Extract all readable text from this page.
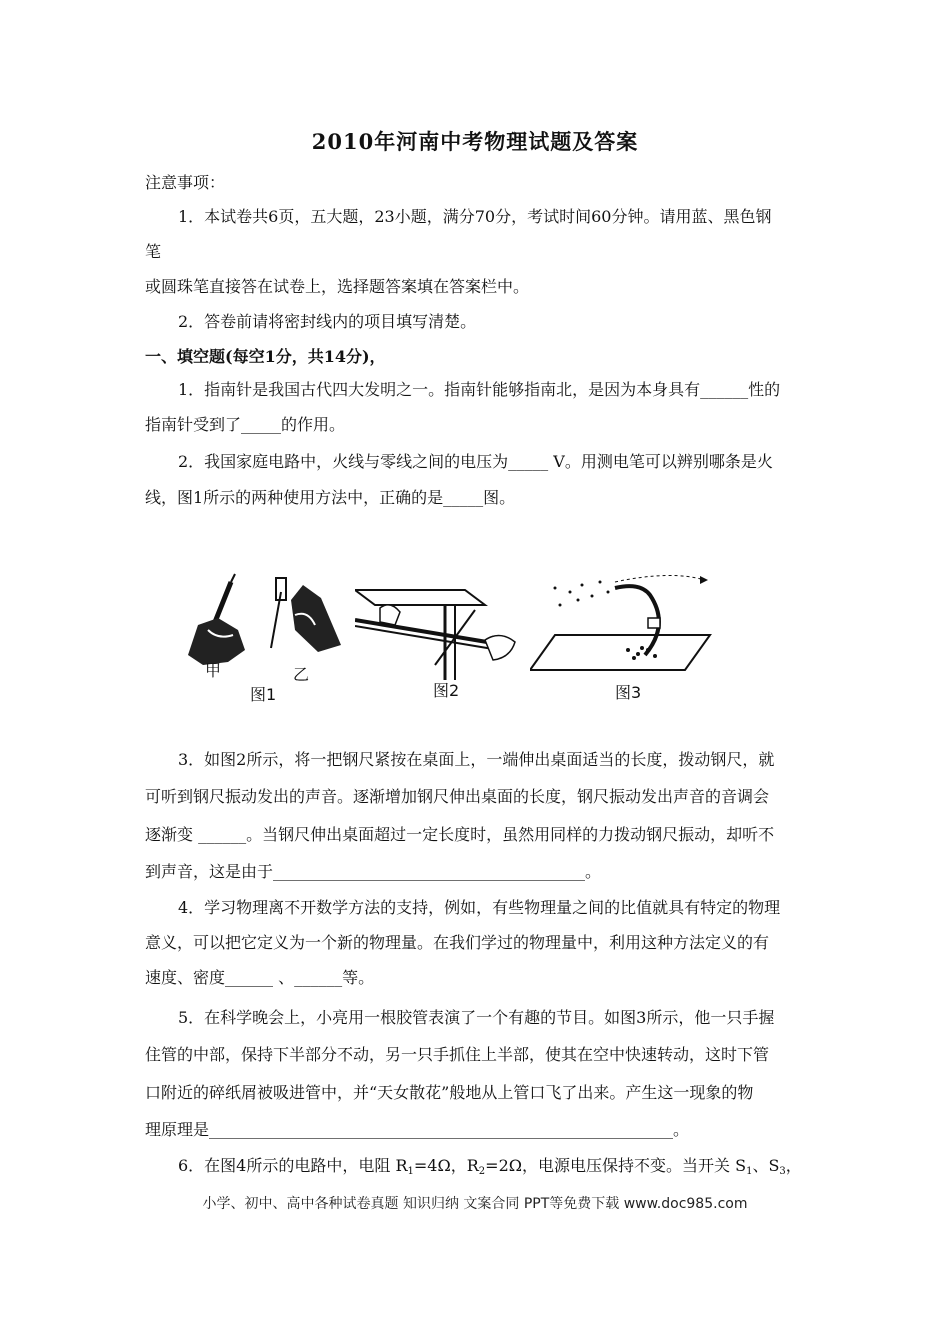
2010年河南中考物理试题及答案
注意事项：
1．本试卷共6页，五大题，23小题，满分70分，考试时间60分钟。请用蓝、黑色钢
笔
或圆珠笔直接答在试卷上，选择题答案填在答案栏中。
2．答卷前请将密封线内的项目填写清楚。
一、填空题(每空1分，共14分)，
1．指南针是我国古代四大发明之一。指南针能够指南北，是因为本身具有______性的
指南针受到了_____的作用。
2．我国家庭电路中，火线与零线之间的电压为_____ V。用测电笔可以辨别哪条是火
线，图1所示的两种使用方法中，正确的是_____图。
甲	乙
图1	图2	图3
3．如图2所示，将一把钢尺紧按在桌面上，一端伸出桌面适当的长度，拨动钢尺，就
可听到钢尺振动发出的声音。逐渐增加钢尺伸出桌面的长度，钢尺振动发出声音的音调会
逐渐变 ______。当钢尺伸出桌面超过一定长度时，虽然用同样的力拨动钢尺振动，却听不
到声音，这是由于_______________________________________。
4．学习物理离不开数学方法的支持，例如，有些物理量之间的比值就具有特定的物理
意义，可以把它定义为一个新的物理量。在我们学过的物理量中，利用这种方法定义的有
速度、密度______ 、______等。
5．在科学晚会上，小亮用一根胶管表演了一个有趣的节目。如图3所示，他一只手握
住管的中部，保持下半部分不动，另一只手抓住上半部，使其在空中快速转动，这时下管
口附近的碎纸屑被吸进管中，并“天女散花”般地从上管口飞了出来。产生这一现象的物
理原理是__________________________________________________________。
6．在图4所示的电路中，电阻 $R_1=4\Omega$，$R_2=2\Omega$，电源电压保持不变。当开关 $S_1$、$S_3$，
小学、初中、高中各种试卷真题 知识归纳 文案合同 PPT等免费下载 www.doc985.com
